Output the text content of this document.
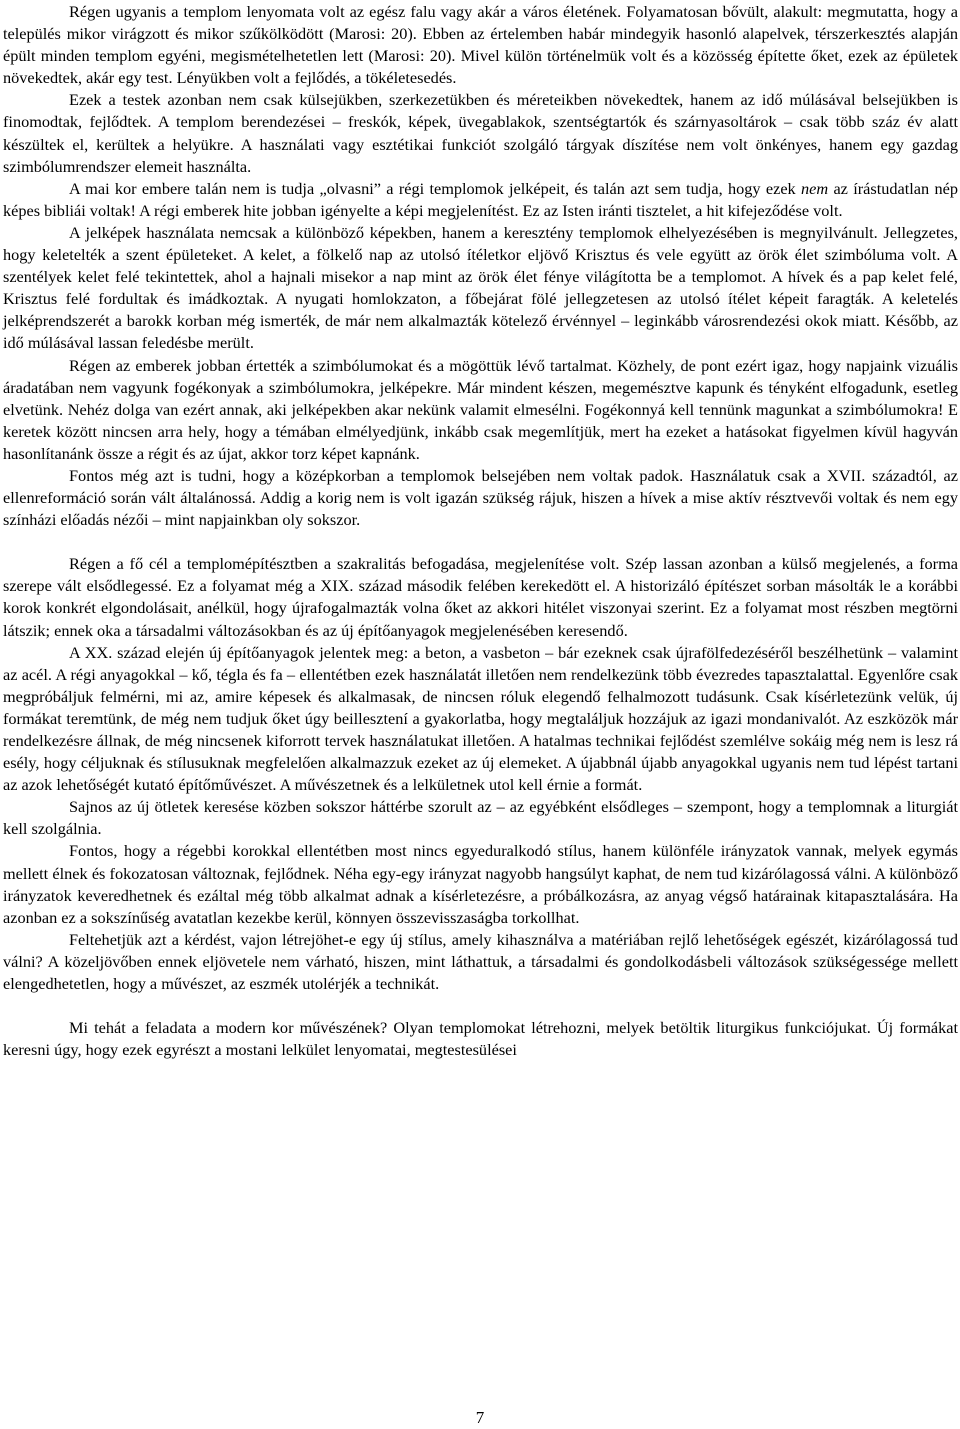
Régen ugyanis a templom lenyomata volt az egész falu vagy akár a város életének. Folyamatosan bővült, alakult: megmutatta, hogy a település mikor virágzott és mikor szűkölködött (Marosi: 20). Ebben az értelemben habár mindegyik hasonló alapelvek, térszerkesztés alapján épült minden templom egyéni, megismételhetetlen lett (Marosi: 20). Mivel külön történelmük volt és a közösség építette őket, ezek az épületek növekedtek, akár egy test. Lényükben volt a fejlődés, a tökéletesedés.

Ezek a testek azonban nem csak külsejükben, szerkezetükben és méreteikben növekedtek, hanem az idő múlásával belsejükben is finomodtak, fejlődtek. A templom berendezései – freskók, képek, üvegablakok, szentségtartók és szárnyasoltárok – csak több száz év alatt készültek el, kerültek a helyükre. A használati vagy esztétikai funkciót szolgáló tárgyak díszítése nem volt önkényes, hanem egy gazdag szimbólumrendszer elemeit használta.

A mai kor embere talán nem is tudja „olvasni” a régi templomok jelképeit, és talán azt sem tudja, hogy ezek nem az írástudatlan nép képes bibliái voltak! A régi emberek hite jobban igényelte a képi megjelenítést. Ez az Isten iránti tisztelet, a hit kifejeződése volt.

A jelképek használata nemcsak a különböző képekben, hanem a keresztény templomok elhelyezésében is megnyilvánult. Jellegzetes, hogy keletelték a szent épületeket. A kelet, a fölkelő nap az utolsó ítéletkor eljövő Krisztus és vele együtt az örök élet szimbóluma volt. A szentélyek kelet felé tekintettek, ahol a hajnali misekor a nap mint az örök élet fénye világította be a templomot. A hívek és a pap kelet felé, Krisztus felé fordultak és imádkoztak. A nyugati homlokzaton, a főbejárat fölé jellegzetesen az utolsó ítélet képeit faragták. A keletelés jelképrendszerét a barokk korban még ismerték, de már nem alkalmazták kötelező érvénnyel – leginkább városrendezési okok miatt. Később, az idő múlásával lassan feledésbe merült.

Régen az emberek jobban értették a szimbólumokat és a mögöttük lévő tartalmat. Közhely, de pont ezért igaz, hogy napjaink vizuális áradatában nem vagyunk fogékonyak a szimbólumokra, jelképekre. Már mindent készen, megemésztve kapunk és tényként elfogadunk, esetleg elvetünk. Nehéz dolga van ezért annak, aki jelképekben akar nekünk valamit elmesélni. Fogékonnyá kell tennünk magunkat a szimbólumokra! E keretek között nincsen arra hely, hogy a témában elmélyedjünk, inkább csak megemlítjük, mert ha ezeket a hatásokat figyelmen kívül hagyván hasonlítanánk össze a régit és az újat, akkor torz képet kapnánk.

Fontos még azt is tudni, hogy a középkorban a templomok belsejében nem voltak padok. Használatuk csak a XVII. századtól, az ellenreformáció során vált általánossá. Addig a korig nem is volt igazán szükség rájuk, hiszen a hívek a mise aktív résztvevői voltak és nem egy színházi előadás nézői – mint napjainkban oly sokszor.

Régen a fő cél a templomépítésztben a szakralitás befogadása, megjelenítése volt. Szép lassan azonban a külső megjelenés, a forma szerepe vált elsődlegessé. Ez a folyamat még a XIX. század második felében kerekedött el. A historizáló építészet sorban másolták le a korábbi korok konkrét elgondolásait, anélkül, hogy újrafogalmazták volna őket az akkori hitélet viszonyai szerint. Ez a folyamat most részben megtörni látszik; ennek oka a társadalmi változásokban és az új építőanyagok megjelenésében keresendő.

A XX. század elején új építőanyagok jelentek meg: a beton, a vasbeton – bár ezeknek csak újrafölfedezéséről beszélhetünk – valamint az acél. A régi anyagokkal – kő, tégla és fa – ellentétben ezek használatát illetően nem rendelkezünk több évezredes tapasztalattal. Egyenlőre csak megpróbáljuk felmérni, mi az, amire képesek és alkalmasak, de nincsen róluk elegendő felhalmozott tudásunk. Csak kísérletezünk velük, új formákat teremtünk, de még nem tudjuk őket úgy beillesztení a gyakorlatba, hogy megtaláljuk hozzájuk az igazi mondanivalót. Az eszközök már rendelkezésre állnak, de még nincsenek kiforrott tervek használatukat illetően. A hatalmas technikai fejlődést szemlélve sokáig még nem is lesz rá esély, hogy céljuknak és stílusuknak megfelelően alkalmazzuk ezeket az új elemeket. A újabbnál újabb anyagokkal ugyanis nem tud lépést tartani az azok lehetőségét kutató építőművészet. A művészetnek és a lelkületnek utol kell érnie a formát.

Sajnos az új ötletek keresése közben sokszor háttérbe szorult az – az egyébként elsődleges – szempont, hogy a templomnak a liturgiát kell szolgálnia.

Fontos, hogy a régebbi korokkal ellentétben most nincs egyeduralkodó stílus, hanem különféle irányzatok vannak, melyek egymás mellett élnek és fokozatosan változnak, fejlődnek. Néha egy-egy irányzat nagyobb hangsúlyt kaphat, de nem tud kizárólagossá válni. A különböző irányzatok keveredhetnek és ezáltal még több alkalmat adnak a kísérletezésre, a próbálkozásra, az anyag végső határainak kitapasztalására. Ha azonban ez a sokszínűség avatatlan kezekbe kerül, könnyen összevisszaságba torkollhat.

Feltehetjük azt a kérdést, vajon létrejöhet-e egy új stílus, amely kihasználva a matériában rejlő lehetőségek egészét, kizárólagossá tud válni? A közeljövőben ennek eljövetele nem várható, hiszen, mint láthattuk, a társadalmi és gondolkodásbeli változások szükségessége mellett elengedhetetlen, hogy a művészet, az eszmék utolérjék a technikát.

Mi tehát a feladata a modern kor művészének? Olyan templomokat létrehozni, melyek betöltik liturgikus funkciójukat. Új formákat keresni úgy, hogy ezek egyrészt a mostani lelkület lenyomatai, megtestesülései

7
